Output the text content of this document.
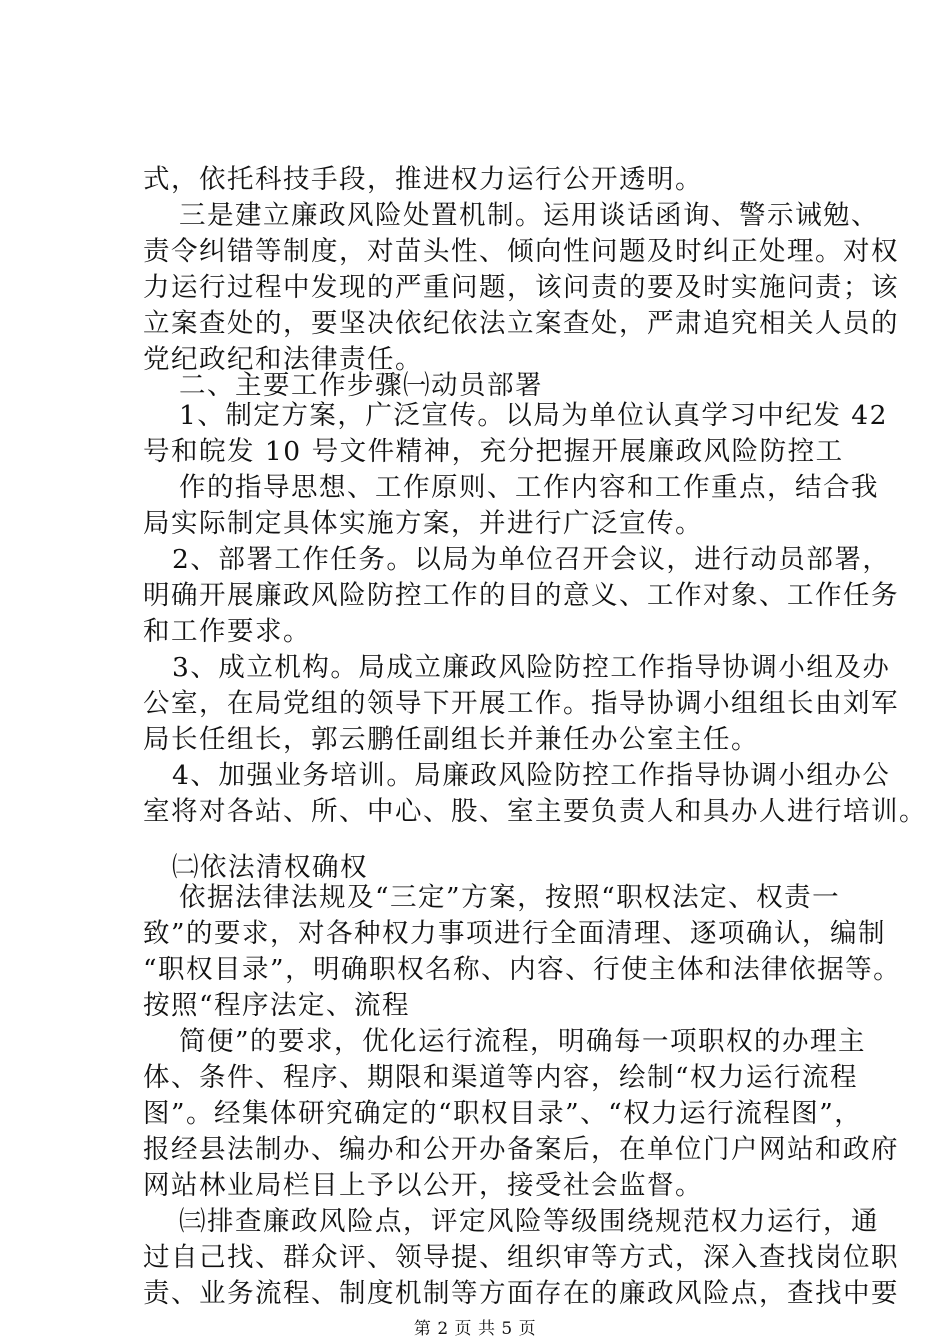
式，依托科技手段，推进权力运行公开透明。
三是建立廉政风险处置机制。运用谈话函询、警示诫勉、
责令纠错等制度，对苗头性、倾向性问题及时纠正处理。对权
力运行过程中发现的严重问题，该问责的要及时实施问责；该
立案查处的，要坚决依纪依法立案查处，严肃追究相关人员的
党纪政纪和法律责任。
二、主要工作步骤㈠动员部署
1、制定方案，广泛宣传。以局为单位认真学习中纪发 42
号和皖发 10 号文件精神，充分把握开展廉政风险防控工
作的指导思想、工作原则、工作内容和工作重点，结合我
局实际制定具体实施方案，并进行广泛宣传。
2、部署工作任务。以局为单位召开会议，进行动员部署，
明确开展廉政风险防控工作的目的意义、工作对象、工作任务
和工作要求。
3、成立机构。局成立廉政风险防控工作指导协调小组及办
公室，在局党组的领导下开展工作。指导协调小组组长由刘军
局长任组长，郭云鹏任副组长并兼任办公室主任。
4、加强业务培训。局廉政风险防控工作指导协调小组办公
室将对各站、所、中心、股、室主要负责人和具办人进行培训。
㈡依法清权确权
依据法律法规及“三定”方案，按照“职权法定、权责一
致”的要求，对各种权力事项进行全面清理、逐项确认，编制
“职权目录”，明确职权名称、内容、行使主体和法律依据等。
按照“程序法定、流程
简便”的要求，优化运行流程，明确每一项职权的办理主
体、条件、程序、期限和渠道等内容，绘制“权力运行流程
图”。经集体研究确定的“职权目录”、“权力运行流程图”，
报经县法制办、编办和公开办备案后，在单位门户网站和政府
网站林业局栏目上予以公开，接受社会监督。
第 2 页 共 5 页
㈢排查廉政风险点，评定风险等级围绕规范权力运行，通
过自己找、群众评、领导提、组织审等方式，深入查找岗位职
责、业务流程、制度机制等方面存在的廉政风险点，查找中要
